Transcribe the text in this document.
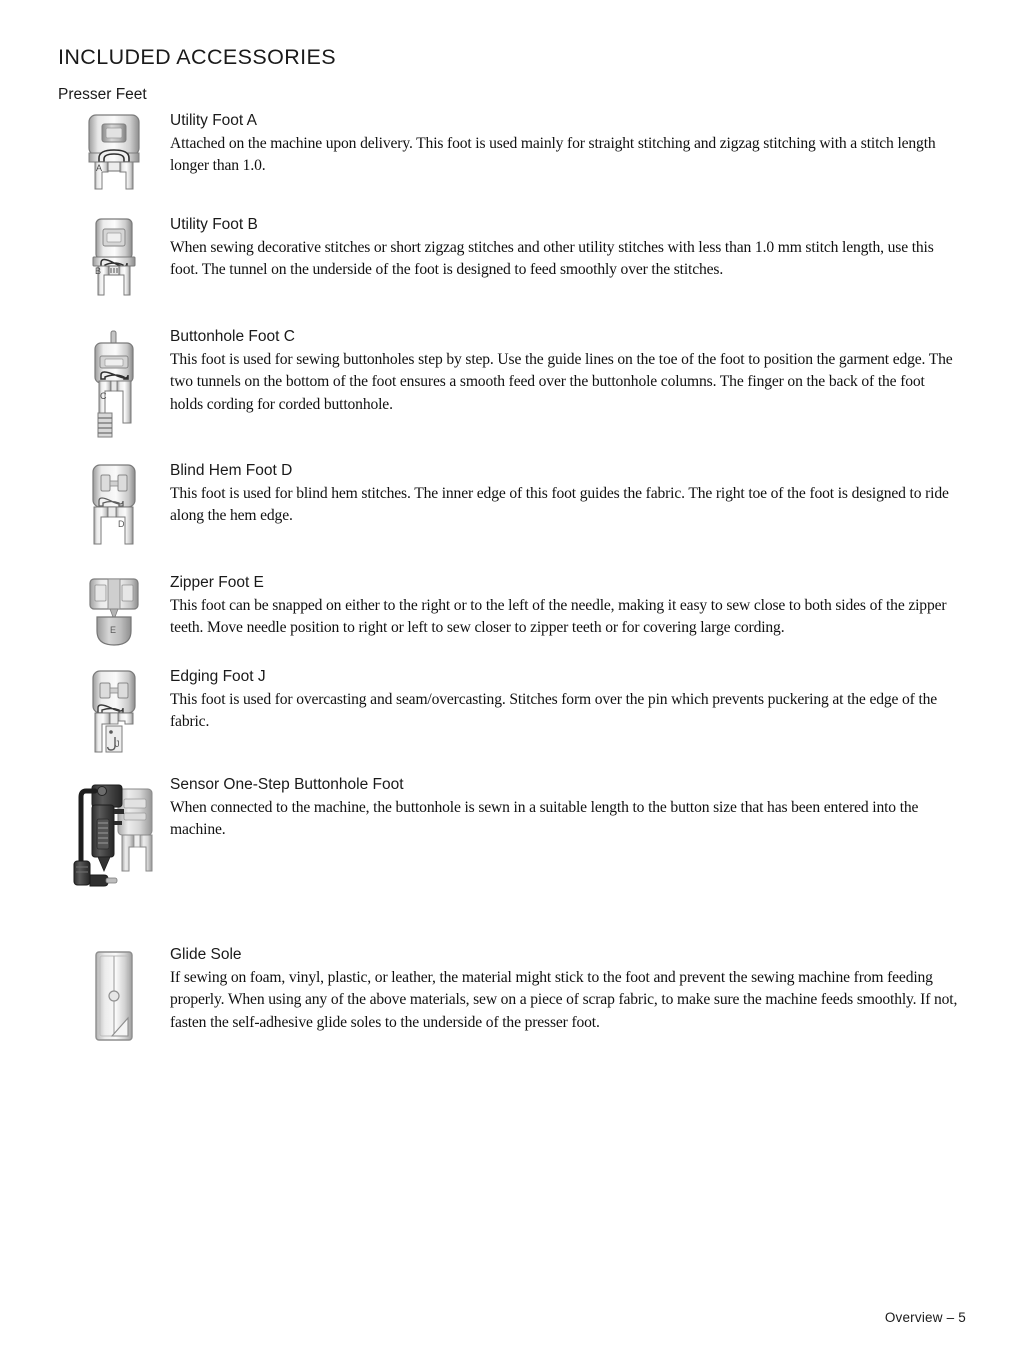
INCLUDED ACCESSORIES
Presser Feet
A
Utility Foot A

Attached on the machine upon delivery. This foot is used mainly for straight stitching and zigzag stitching with a stitch length longer than 1.0.

B
Utility Foot B

When sewing decorative stitches or short zigzag stitches and other utility stitches with less than 1.0 mm stitch length, use this foot. The tunnel on the underside of the foot is designed to feed smoothly over the stitches.

C
Buttonhole Foot C

This foot is used for sewing buttonholes step by step. Use the guide lines on the toe of the foot to position the garment edge. The two tunnels on the bottom of the foot ensures a smooth feed over the buttonhole columns. The finger on the back of the foot holds cording for corded buttonhole.

D
Blind Hem Foot D

This foot is used for blind hem stitches. The inner edge of this foot guides the fabric. The right toe of the foot is designed to ride along the hem edge.

E
Zipper Foot E

This foot can be snapped on either to the right or to the left of the needle, making it easy to sew close to both sides of the zipper teeth. Move needle position to right or left to sew closer to zipper teeth or for covering large cording.

J
Edging Foot J

This foot is used for overcasting and seam/overcasting. Stitches form over the pin which prevents puckering at the edge of the fabric.

Sensor One-Step Buttonhole Foot

When connected to the machine, the buttonhole is sewn in a suitable length to the button size that has been entered into the machine.

Glide Sole

If sewing on foam, vinyl, plastic, or leather, the material might stick to the foot and prevent the sewing machine from feeding properly. When using any of the above materials, sew on a piece of scrap fabric, to make sure the machine feeds smoothly. If not, fasten the self-adhesive glide soles to the underside of the presser foot.

Overview – 5
